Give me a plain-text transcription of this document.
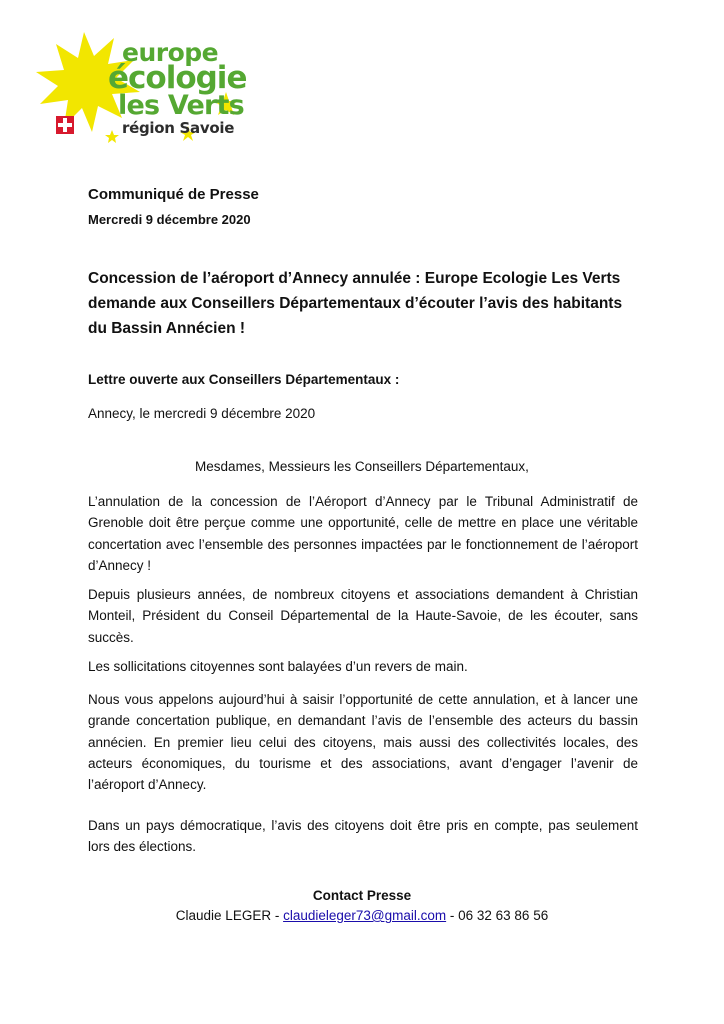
europe
écologie
les Verts
région Savoie
Communiqué de Presse
Mercredi 9 décembre 2020
Concession de l’aéroport d’Annecy annulée : Europe Ecologie Les Verts demande aux Conseillers Départementaux d’écouter l’avis des habitants du Bassin Annécien !
Lettre ouverte aux Conseillers Départementaux :
Annecy, le mercredi 9 décembre 2020
Mesdames, Messieurs les Conseillers Départementaux,
L’annulation de la concession de l’Aéroport d’Annecy par le Tribunal Administratif de Grenoble doit être perçue comme une opportunité, celle de mettre en place une véritable concertation avec l’ensemble des personnes impactées par le fonctionnement de l’aéroport d’Annecy !
Depuis plusieurs années, de nombreux citoyens et associations demandent à Christian Monteil, Président du Conseil Départemental de la Haute-Savoie, de les écouter, sans succès.
Les sollicitations citoyennes sont balayées d’un revers de main.
Nous vous appelons aujourd’hui à saisir l’opportunité de cette annulation, et à lancer une grande concertation publique, en demandant l’avis de l’ensemble des acteurs du bassin annécien. En premier lieu celui des citoyens, mais aussi des collectivités locales, des acteurs économiques, du tourisme et des associations, avant d’engager l’avenir de l’aéroport d’Annecy.
Dans un pays démocratique, l’avis des citoyens doit être pris en compte, pas seulement lors des élections.
Contact Presse
Claudie LEGER - claudieleger73@gmail.com - 06 32 63 86 56
